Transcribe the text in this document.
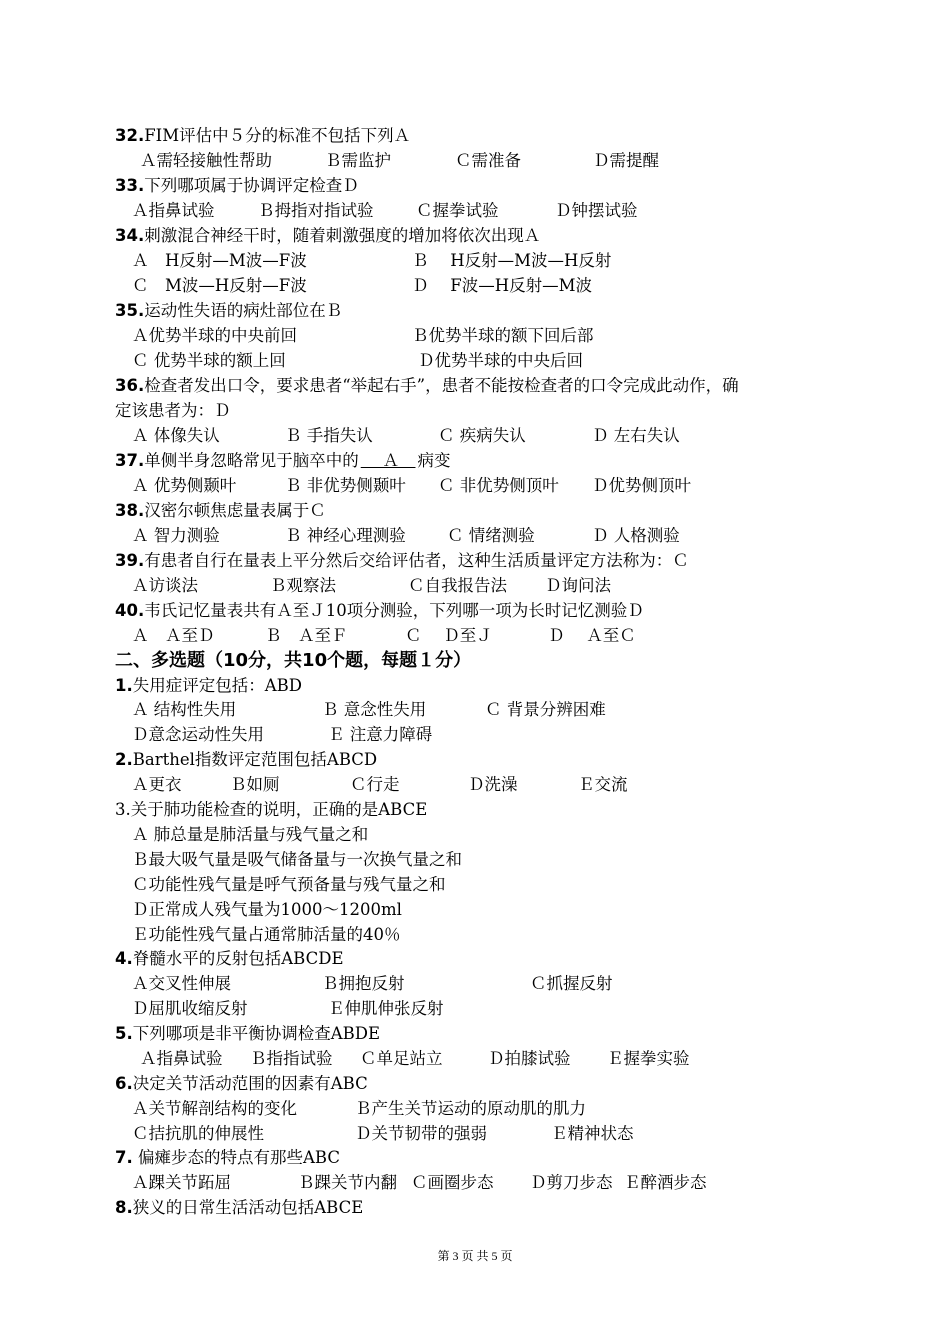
32.FIM评估中５分的标准不包括下列Ａ
Ａ需轻接触性帮助	Ｂ需监护	Ｃ需准备	Ｄ需提醒
33.下列哪项属于协调评定检查Ｄ
Ａ指鼻试验	Ｂ拇指对指试验	Ｃ握拳试验	Ｄ钟摆试验
34.刺激混合神经干时，随着刺激强度的增加将依次出现Ａ
Ａ　H反射—M波—F波	Ｂ　 H反射—M波—H反射
Ｃ　M波—H反射—F波	Ｄ　 F波—H反射—M波
35.运动性失语的病灶部位在Ｂ
Ａ优势半球的中央前回	Ｂ优势半球的额下回后部
Ｃ 优势半球的额上回	Ｄ优势半球的中央后回
36.检查者发出口令，要求患者“举起右手”，患者不能按检查者的口令完成此动作，确
定该患者为：Ｄ
Ａ 体像失认	Ｂ 手指失认	Ｃ 疾病失认	Ｄ 左右失认
37.单侧半身忽略常见于脑卒中的　 Ａ　病变
Ａ 优势侧颞叶	Ｂ 非优势侧颞叶 Ｃ 非优势侧顶叶 Ｄ优势侧顶叶
38.汉密尔顿焦虑量表属于Ｃ
Ａ 智力测验	Ｂ 神经心理测验	Ｃ 情绪测验	Ｄ 人格测验
39.有患者自行在量表上平分然后交给评估者，这种生活质量评定方法称为：Ｃ
Ａ访谈法	Ｂ观察法	Ｃ自我报告法 Ｄ询问法
40.韦氏记忆量表共有Ａ至Ｊ10项分测验，下列哪一项为长时记忆测验Ｄ
Ａ　Ａ至Ｄ	Ｂ　Ａ至Ｆ	Ｃ　 Ｄ至Ｊ	Ｄ　 Ａ至Ｃ
二、多选题（10分，共10个题，每题１分）
1.失用症评定包括：ABD
Ａ 结构性失用	Ｂ 意念性失用	Ｃ 背景分辨困难
Ｄ意念运动性失用	Ｅ 注意力障碍
2.Barthel指数评定范围包括ABCD
Ａ更衣	Ｂ如厕	Ｃ行走	Ｄ洗澡	Ｅ交流
3.关于肺功能检查的说明，正确的是ABCE
Ａ 肺总量是肺活量与残气量之和
Ｂ最大吸气量是吸气储备量与一次换气量之和
Ｃ功能性残气量是呼气预备量与残气量之和
Ｄ正常成人残气量为1000～1200ml
Ｅ功能性残气量占通常肺活量的40％
4.脊髓水平的反射包括ABCDE
Ａ交叉性伸展	Ｂ拥抱反射	Ｃ抓握反射
Ｄ屈肌收缩反射	Ｅ伸肌伸张反射
5.下列哪项是非平衡协调检查ABDE
Ａ指鼻试验 Ｂ指指试验 Ｃ单足站立	Ｄ拍膝试验 Ｅ握拳实验
6.决定关节活动范围的因素有ABC
Ａ关节解剖结构的变化	Ｂ产生关节运动的原动肌的肌力
Ｃ拮抗肌的伸展性	Ｄ关节韧带的强弱	Ｅ精神状态
7. 偏瘫步态的特点有那些ABC
Ａ踝关节跖屈	Ｂ踝关节内翻 Ｃ画圈步态 Ｄ剪刀步态 Ｅ醉酒步态
8.狭义的日常生活活动包括ABCE
第 3 页 共 5 页
